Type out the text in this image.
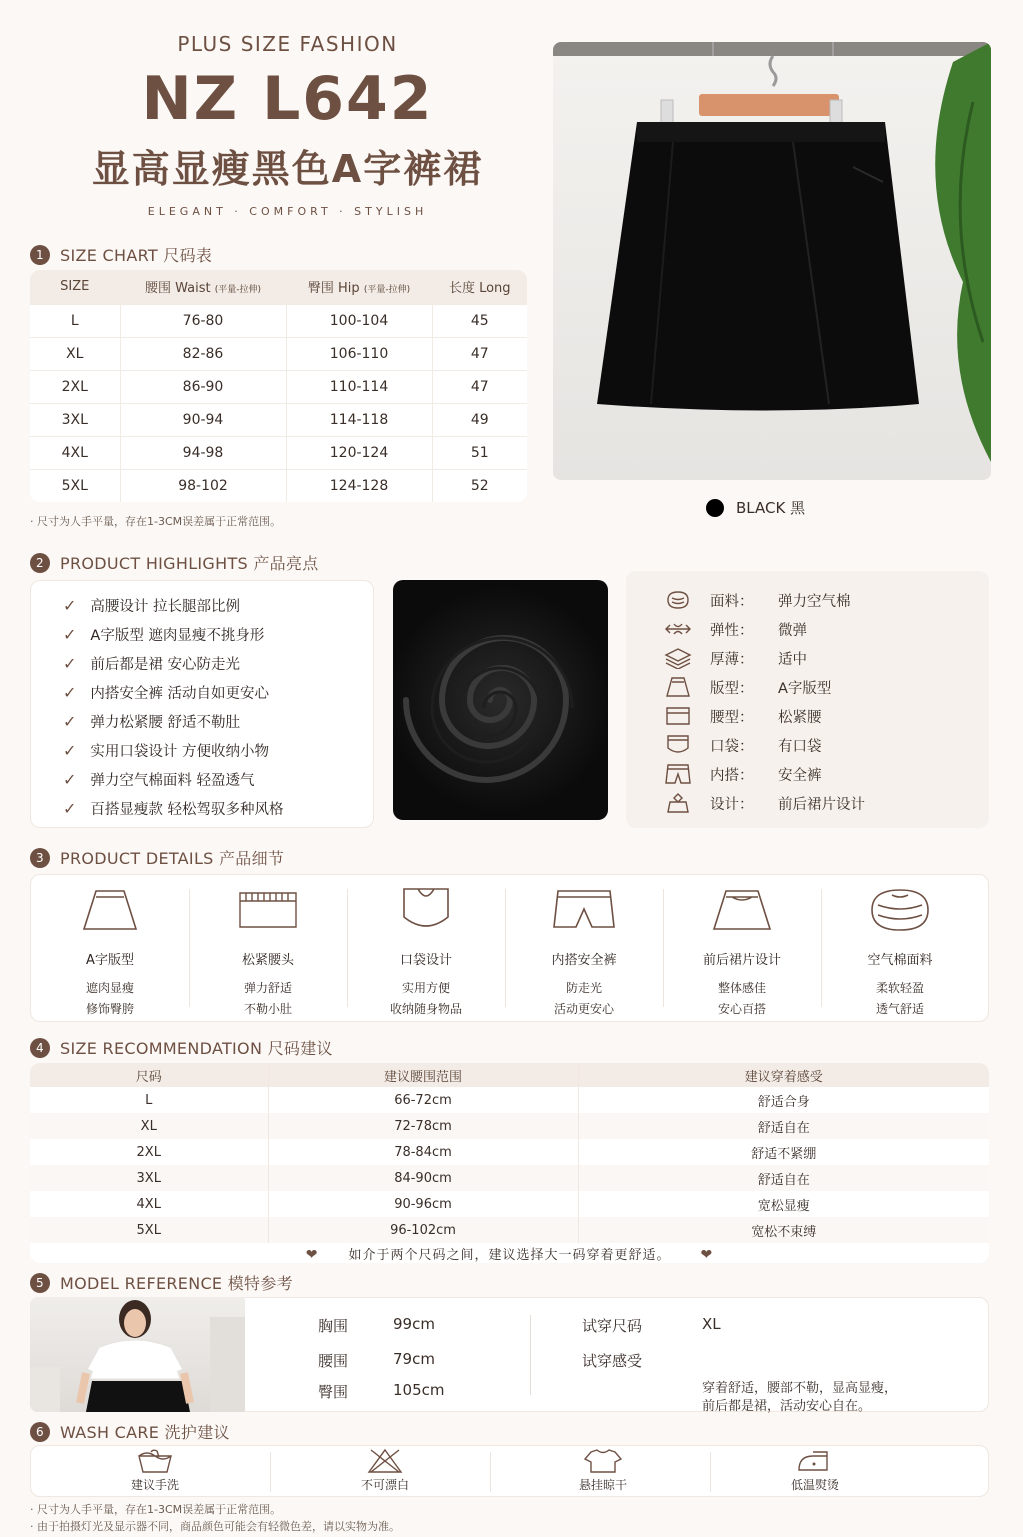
PLUS SIZE FASHION
NZ L642
显高显瘦黑色A字裤裙
ELEGANT · COMFORT · STYLISH
1	SIZE CHART 尺码表
SIZE	腰围 Waist (平量-拉伸)	臀围 Hip (平量-拉伸)	长度 Long
L	76-80	100-104	45
XL	82-86	106-110	47
2XL	86-90	110-114	47
3XL	90-94	114-118	49
4XL	94-98	120-124	51
5XL	98-102	124-128	52
· 尺寸为人手平量，存在1-3CM误差属于正常范围。
BLACK 黑
2	PRODUCT HIGHLIGHTS 产品亮点
✓ 高腰设计 拉长腿部比例
✓ A字版型 遮肉显瘦不挑身形
✓ 前后都是裙 安心防走光
✓ 内搭安全裤 活动自如更安心
✓ 弹力松紧腰 舒适不勒肚
✓ 实用口袋设计 方便收纳小物
✓ 弹力空气棉面料 轻盈透气
✓ 百搭显瘦款 轻松驾驭多种风格
面料：	弹力空气棉
弹性：	微弹
厚薄：	适中
版型：	A字版型
腰型：	松紧腰
口袋：	有口袋
内搭：	安全裤
设计：	前后裙片设计
3	PRODUCT DETAILS 产品细节
A字版型
遮肉显瘦
修饰臀胯
松紧腰头
弹力舒适
不勒小肚
口袋设计
实用方便
收纳随身物品
内搭安全裤
防走光
活动更安心
前后裙片设计
整体感佳
安心百搭
空气棉面料
柔软轻盈
透气舒适
4	SIZE RECOMMENDATION 尺码建议
尺码	建议腰围范围	建议穿着感受
L	66-72cm	舒适合身
XL	72-78cm	舒适自在
2XL	78-84cm	舒适不紧绷
3XL	84-90cm	舒适自在
4XL	90-96cm	宽松显瘦
5XL	96-102cm	宽松不束缚
❤ 如介于两个尺码之间，建议选择大一码穿着更舒适。 ❤
5	MODEL REFERENCE 模特参考
胸围	99cm
腰围	79cm
臀围	105cm
试穿尺码	XL
试穿感受
穿着舒适，腰部不勒，显高显瘦，
前后都是裙，活动安心自在。
6	WASH CARE 洗护建议
建议手洗	不可漂白	悬挂晾干	低温熨烫
· 尺寸为人手平量，存在1-3CM误差属于正常范围。
· 由于拍摄灯光及显示器不同，商品颜色可能会有轻微色差，请以实物为准。
